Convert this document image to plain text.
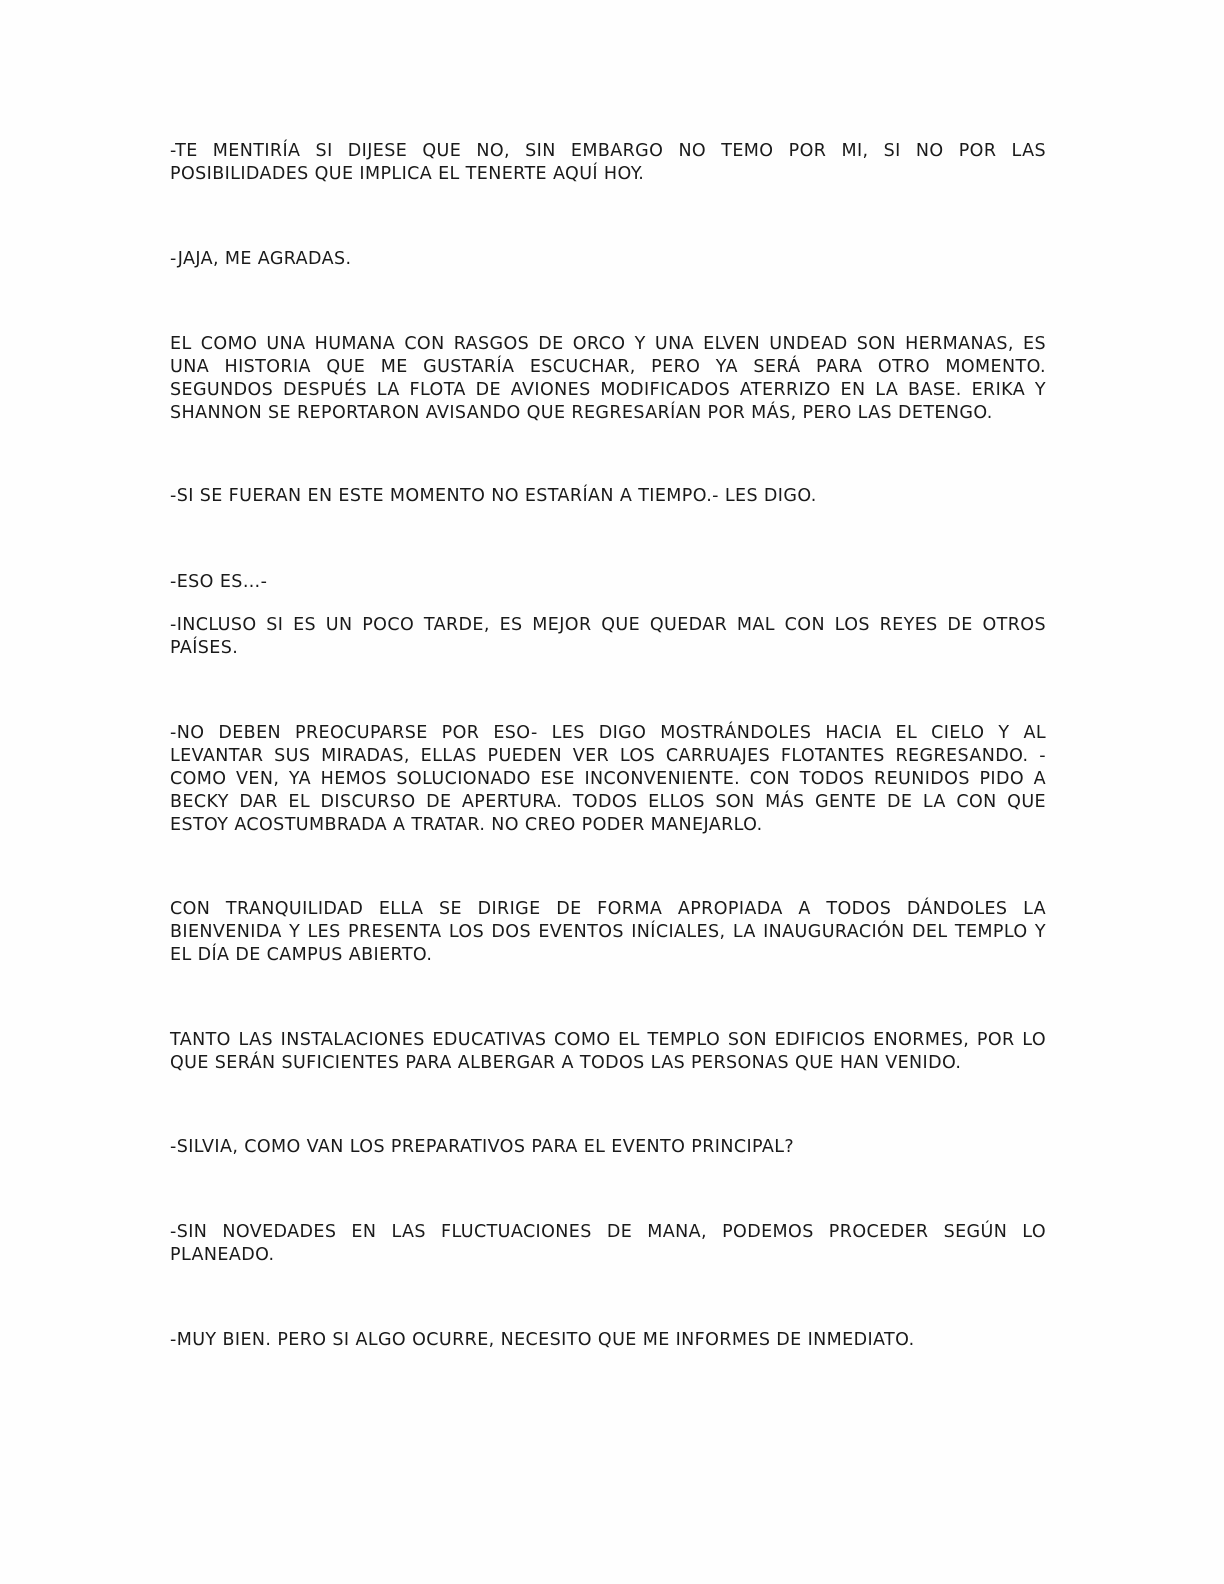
-TE MENTIRÍA SI DIJESE QUE NO, SIN EMBARGO NO TEMO POR MI, SI NO POR LAS POSIBILIDADES QUE IMPLICA EL TENERTE AQUÍ HOY.

-JAJA, ME AGRADAS.

EL COMO UNA HUMANA CON RASGOS DE ORCO Y UNA ELVEN UNDEAD SON HERMANAS, ES UNA HISTORIA QUE ME GUSTARÍA ESCUCHAR, PERO YA SERÁ PARA OTRO MOMENTO. SEGUNDOS DESPUÉS LA FLOTA DE AVIONES MODIFICADOS ATERRIZO EN LA BASE. ERIKA Y SHANNON SE REPORTARON AVISANDO QUE REGRESARÍAN POR MÁS, PERO LAS DETENGO.

-SI SE FUERAN EN ESTE MOMENTO NO ESTARÍAN A TIEMPO.- LES DIGO.

-ESO ES…-

-INCLUSO SI ES UN POCO TARDE, ES MEJOR QUE QUEDAR MAL CON LOS REYES DE OTROS PAÍSES.

-NO DEBEN PREOCUPARSE POR ESO- LES DIGO MOSTRÁNDOLES HACIA EL CIELO Y AL LEVANTAR SUS MIRADAS, ELLAS PUEDEN VER LOS CARRUAJES FLOTANTES REGRESANDO. -COMO VEN, YA HEMOS SOLUCIONADO ESE INCONVENIENTE. CON TODOS REUNIDOS PIDO A BECKY DAR EL DISCURSO DE APERTURA. TODOS ELLOS SON MÁS GENTE DE LA CON QUE ESTOY ACOSTUMBRADA A TRATAR. NO CREO PODER MANEJARLO.

CON TRANQUILIDAD ELLA SE DIRIGE DE FORMA APROPIADA A TODOS DÁNDOLES LA BIENVENIDA Y LES PRESENTA LOS DOS EVENTOS INÍCIALES, LA INAUGURACIÓN DEL TEMPLO Y EL DÍA DE CAMPUS ABIERTO.

TANTO LAS INSTALACIONES EDUCATIVAS COMO EL TEMPLO SON EDIFICIOS ENORMES, POR LO QUE SERÁN SUFICIENTES PARA ALBERGAR A TODOS LAS PERSONAS QUE HAN VENIDO.

-SILVIA, COMO VAN LOS PREPARATIVOS PARA EL EVENTO PRINCIPAL?

-SIN NOVEDADES EN LAS FLUCTUACIONES DE MANA, PODEMOS PROCEDER SEGÚN LO PLANEADO.

-MUY BIEN. PERO SI ALGO OCURRE, NECESITO QUE ME INFORMES DE INMEDIATO.
